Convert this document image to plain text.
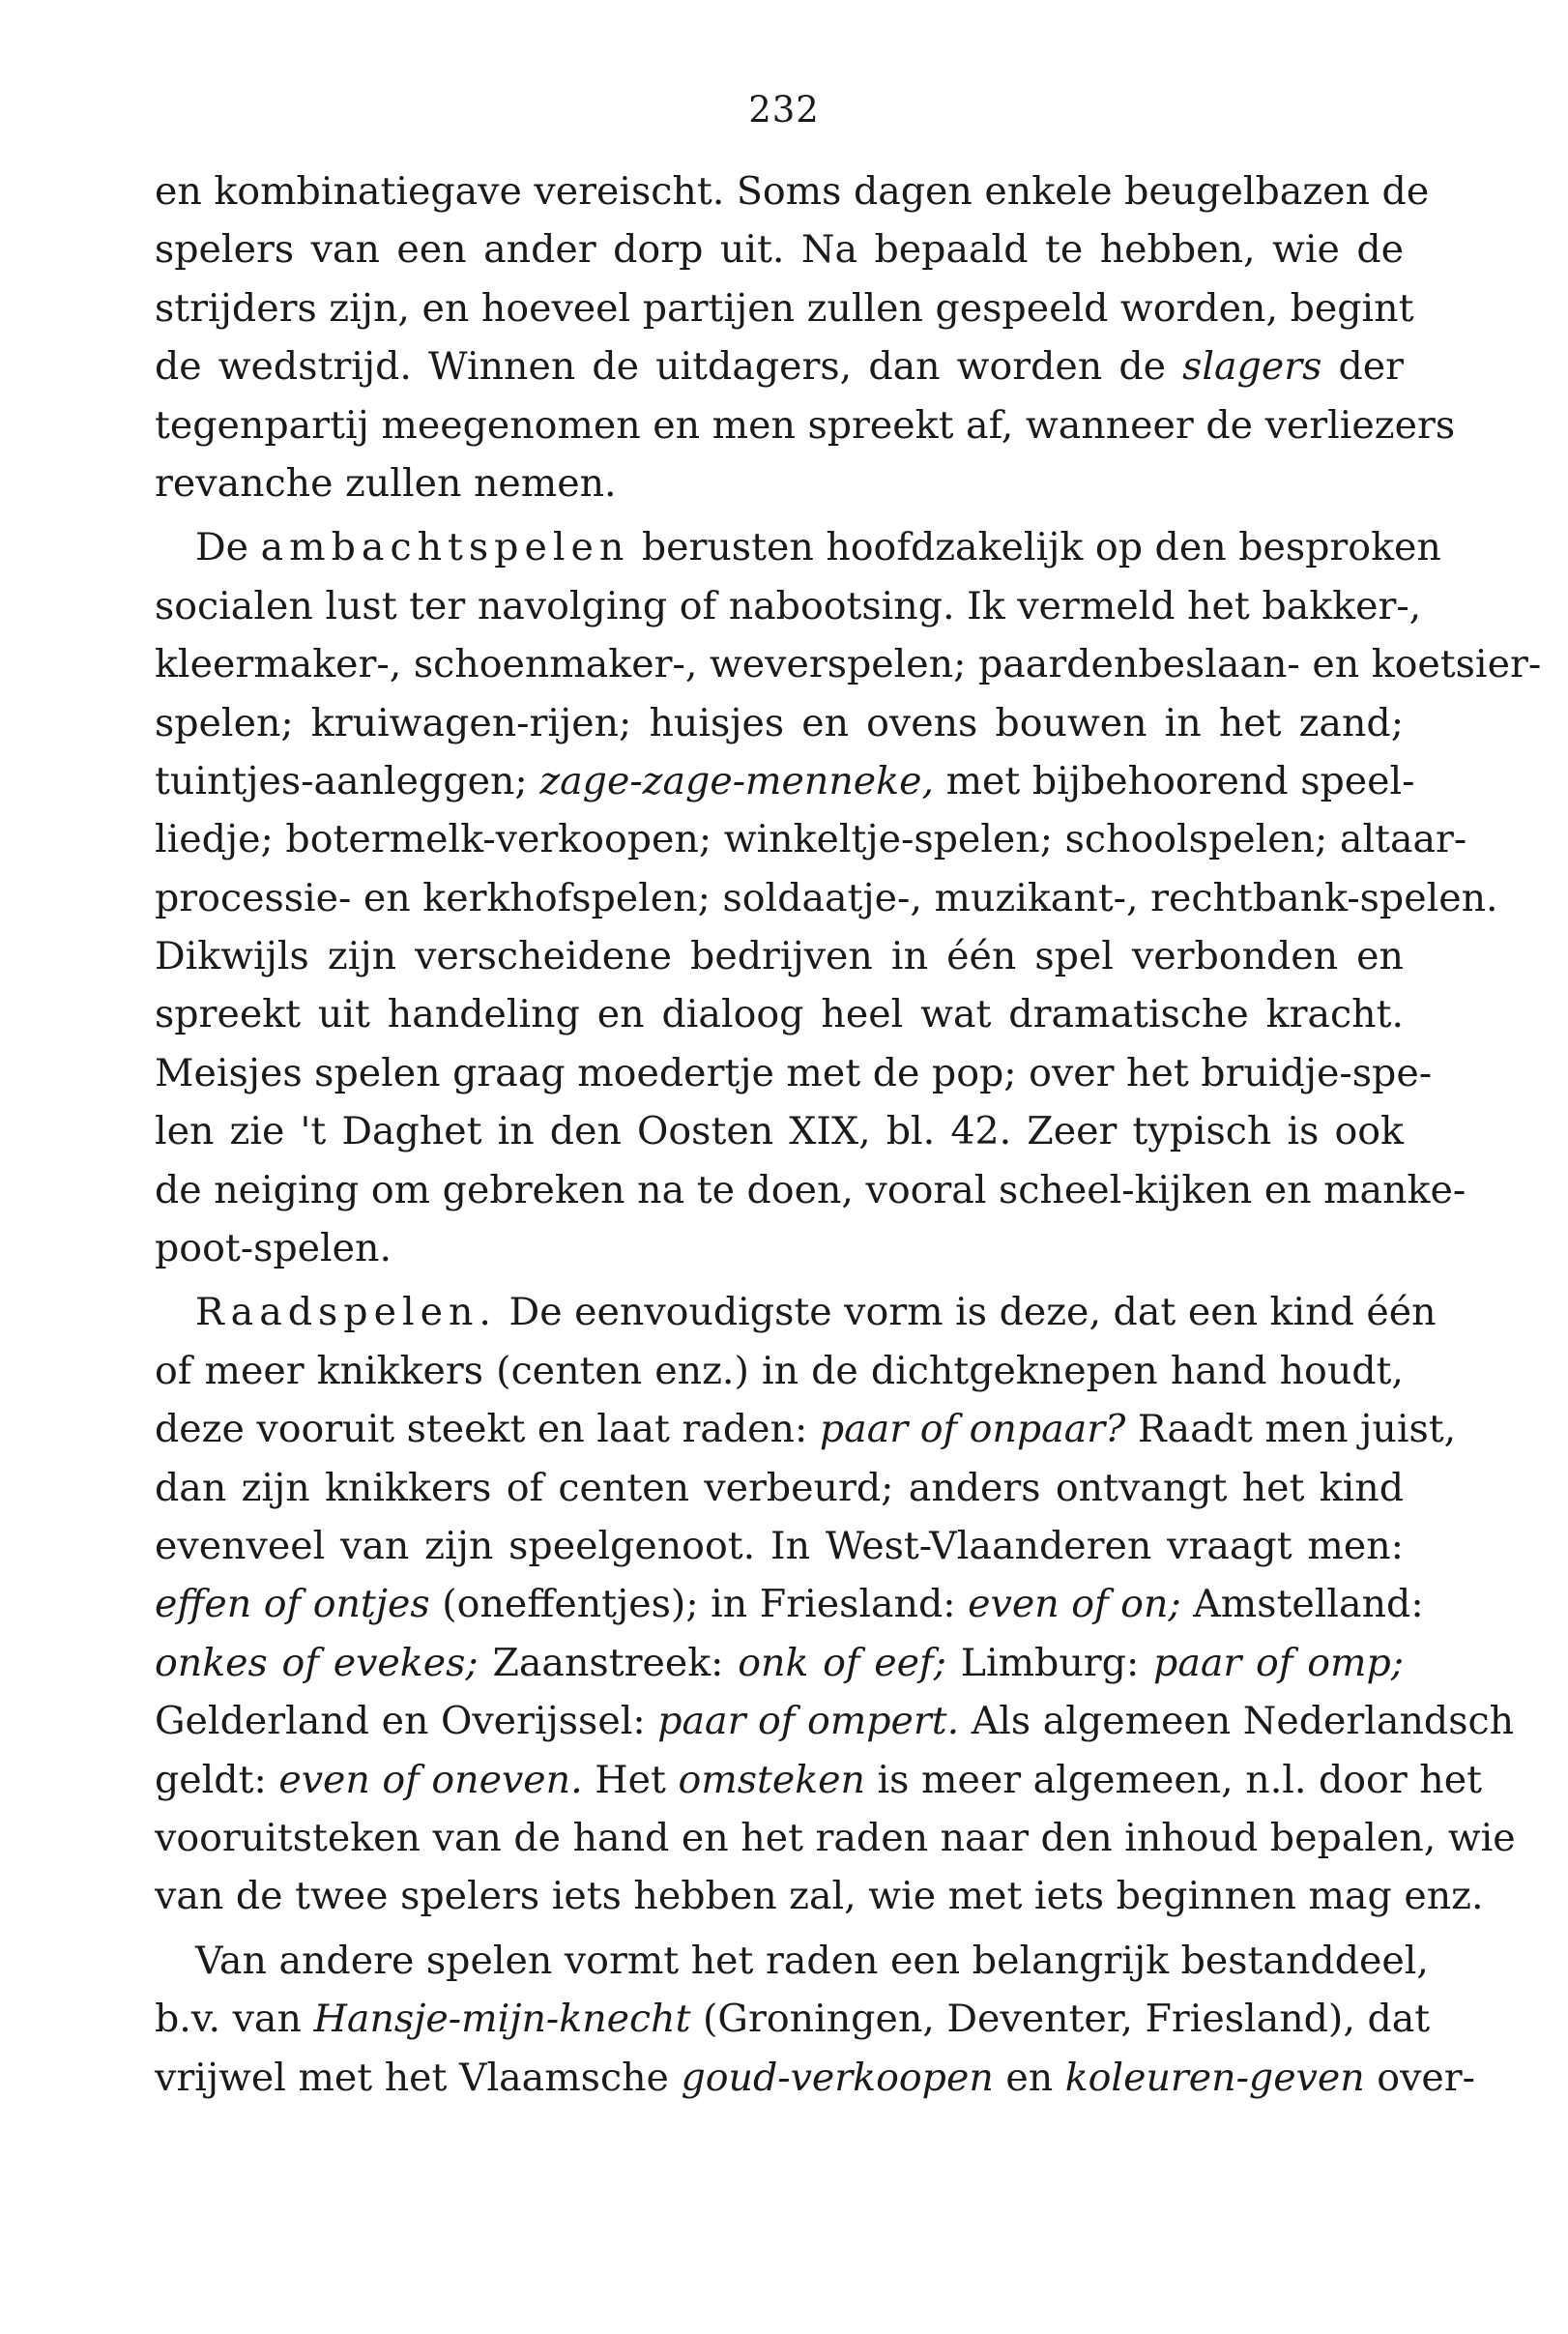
232
en kombinatiegave vereischt. Soms dagen enkele beugelbazen de
spelers van een ander dorp uit. Na bepaald te hebben, wie de
strijders zijn, en hoeveel partijen zullen gespeeld worden, begint
de wedstrijd. Winnen de uitdagers, dan worden de slagers der
tegenpartij meegenomen en men spreekt af, wanneer de verliezers
revanche zullen nemen.
De ambachtspelen berusten hoofdzakelijk op den besproken
socialen lust ter navolging of nabootsing. Ik vermeld het bakker-,
kleermaker-, schoenmaker-, weverspelen; paardenbeslaan- en koetsier-
spelen; kruiwagen-rijen; huisjes en ovens bouwen in het zand;
tuintjes-aanleggen; zage-zage-menneke, met bijbehoorend speel-
liedje; botermelk-verkoopen; winkeltje-spelen; schoolspelen; altaar-
processie- en kerkhofspelen; soldaatje-, muzikant-, rechtbank-spelen.
Dikwijls zijn verscheidene bedrijven in één spel verbonden en
spreekt uit handeling en dialoog heel wat dramatische kracht.
Meisjes spelen graag moedertje met de pop; over het bruidje-spe-
len zie 't Daghet in den Oosten XIX, bl. 42. Zeer typisch is ook
de neiging om gebreken na te doen, vooral scheel-kijken en manke-
poot-spelen.
Raadspelen. De eenvoudigste vorm is deze, dat een kind één
of meer knikkers (centen enz.) in de dichtgeknepen hand houdt,
deze vooruit steekt en laat raden: paar of onpaar? Raadt men juist,
dan zijn knikkers of centen verbeurd; anders ontvangt het kind
evenveel van zijn speelgenoot. In West-Vlaanderen vraagt men:
effen of ontjes (oneffentjes); in Friesland: even of on; Amstelland:
onkes of evekes; Zaanstreek: onk of eef; Limburg: paar of omp;
Gelderland en Overijssel: paar of ompert. Als algemeen Nederlandsch
geldt: even of oneven. Het omsteken is meer algemeen, n.l. door het
vooruitsteken van de hand en het raden naar den inhoud bepalen, wie
van de twee spelers iets hebben zal, wie met iets beginnen mag enz.
Van andere spelen vormt het raden een belangrijk bestanddeel,
b.v. van Hansje-mijn-knecht (Groningen, Deventer, Friesland), dat
vrijwel met het Vlaamsche goud-verkoopen en koleuren-geven over-
